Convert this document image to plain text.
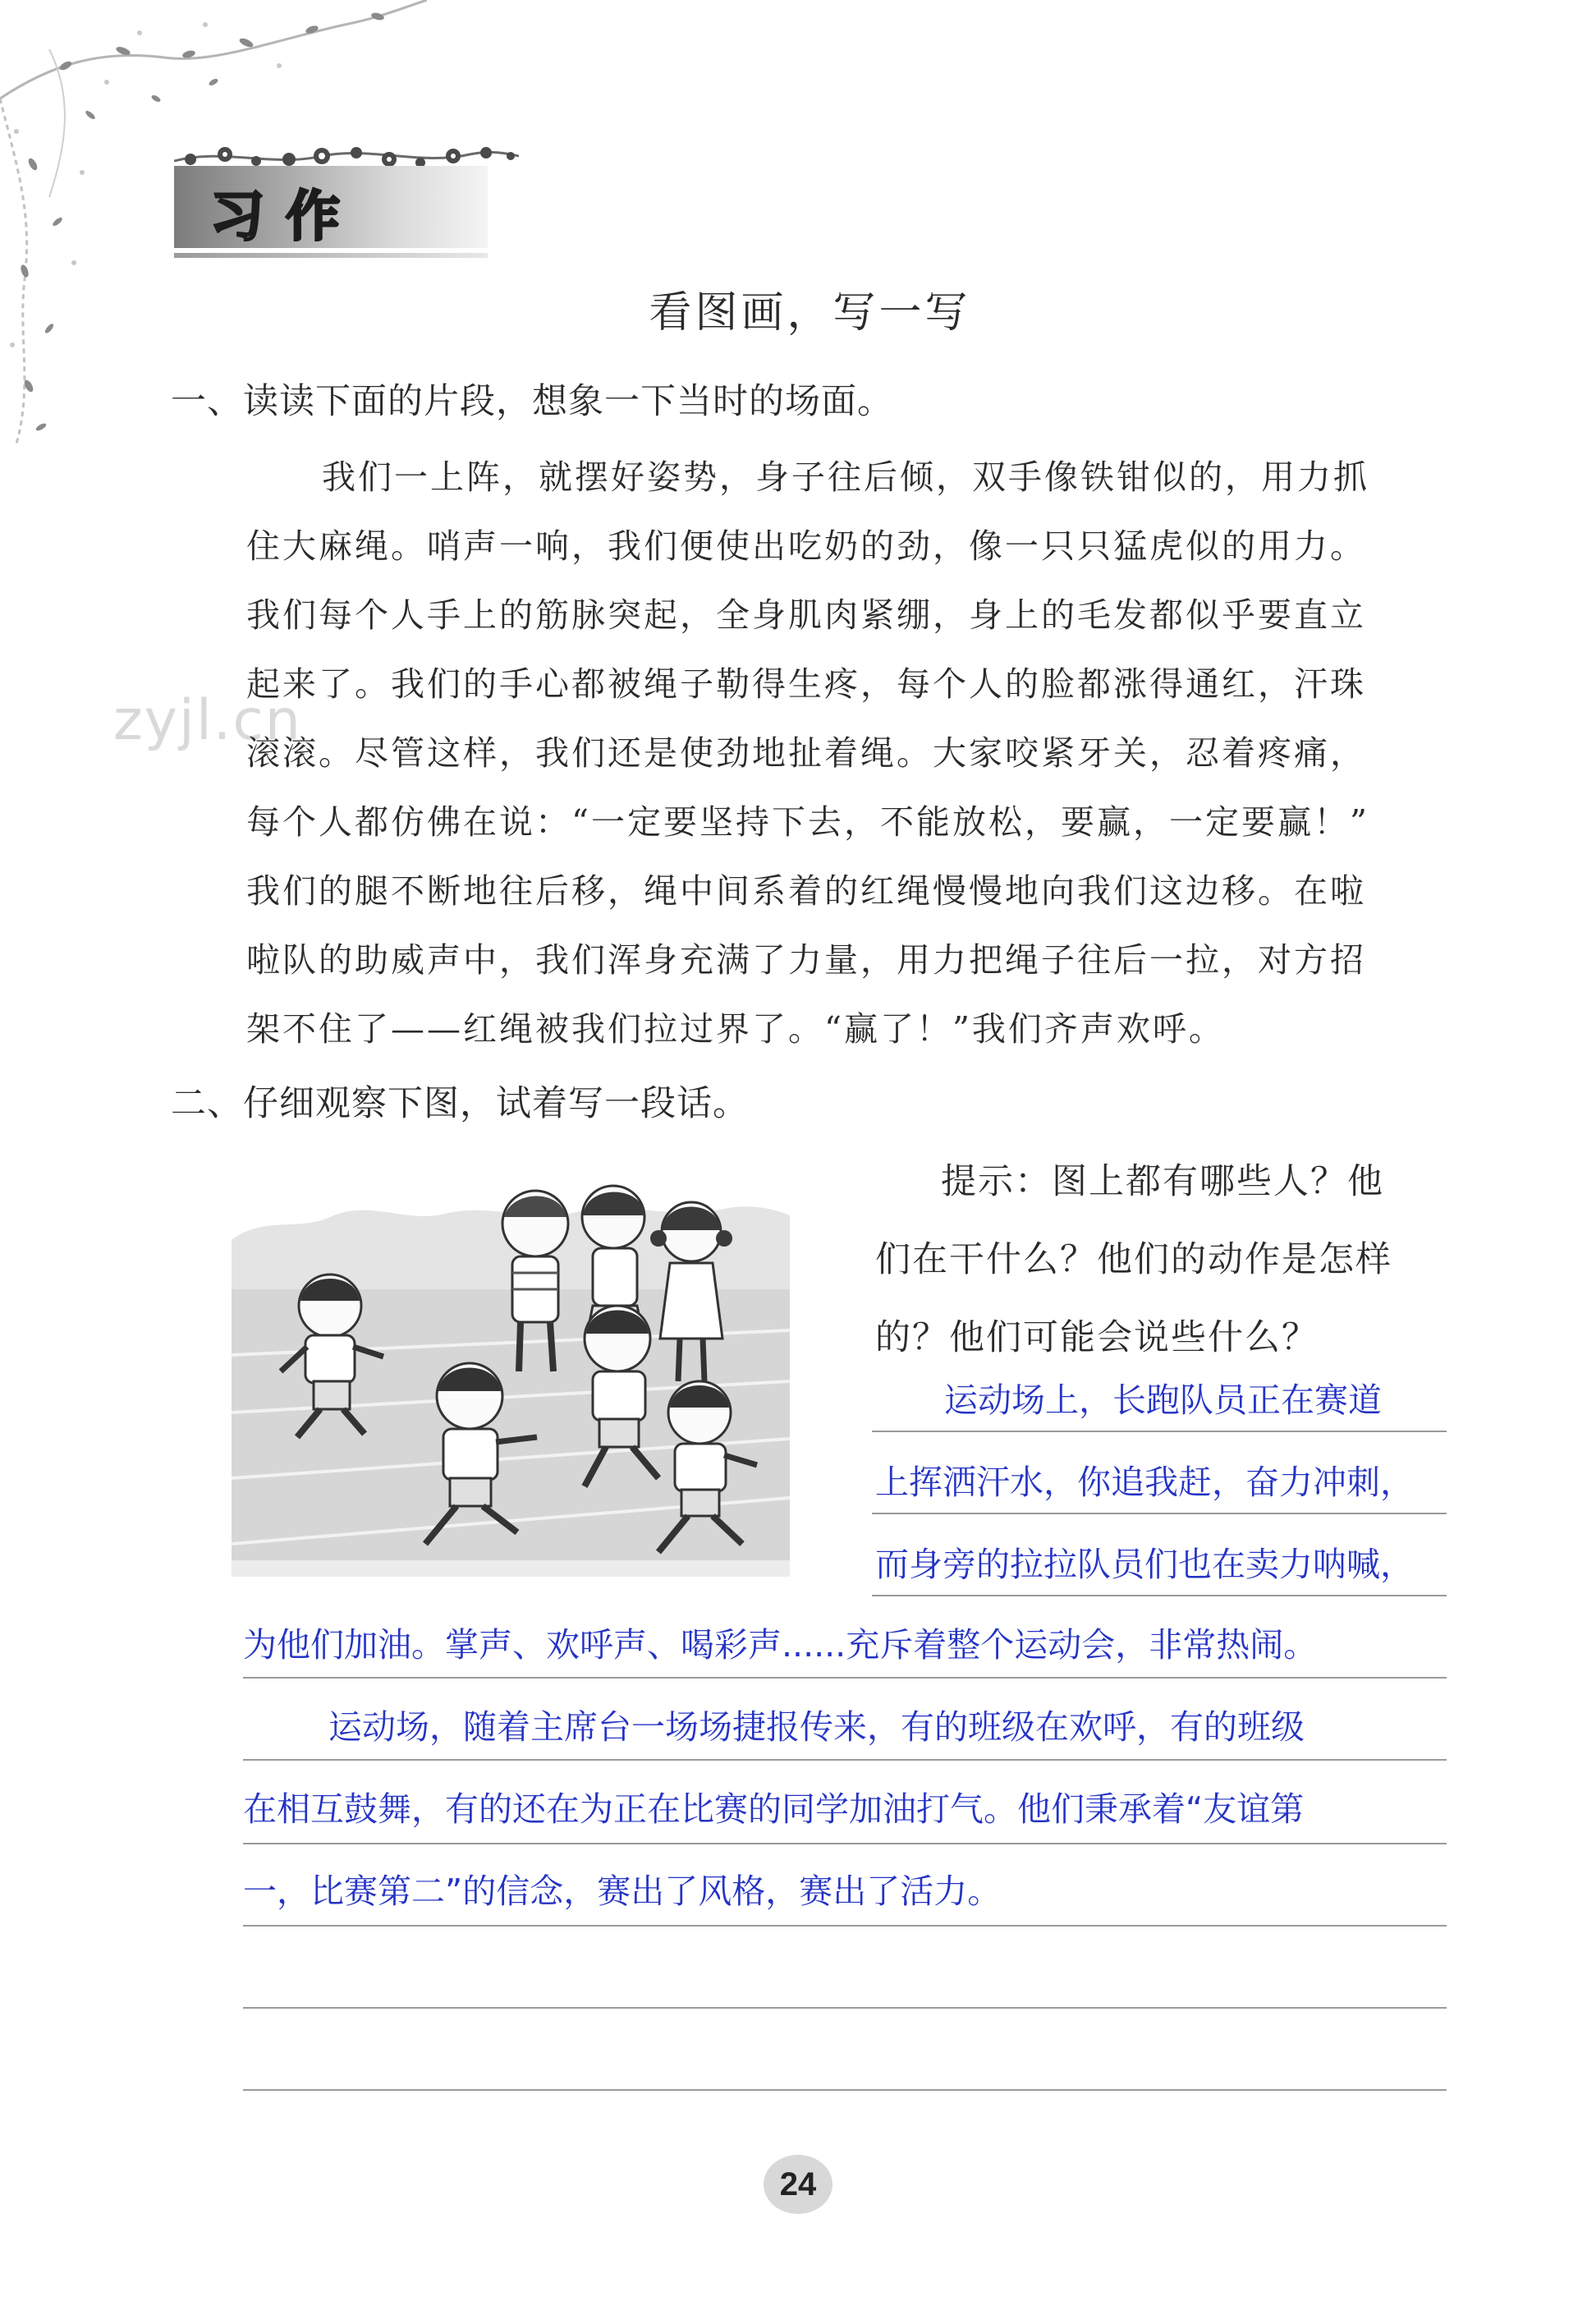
习作
看图画，写一写
一、读读下面的片段，想象一下当时的场面。
zyjl.cn
我们一上阵，就摆好姿势，身子往后倾，双手像铁钳似的，用力抓
住大麻绳。哨声一响，我们便使出吃奶的劲，像一只只猛虎似的用力。
我们每个人手上的筋脉突起，全身肌肉紧绷，身上的毛发都似乎要直立
起来了。我们的手心都被绳子勒得生疼，每个人的脸都涨得通红，汗珠
滚滚。尽管这样，我们还是使劲地扯着绳。大家咬紧牙关，忍着疼痛，
每个人都仿佛在说：“一定要坚持下去，不能放松，要赢，一定要赢！”
我们的腿不断地往后移，绳中间系着的红绳慢慢地向我们这边移。在啦
啦队的助威声中，我们浑身充满了力量，用力把绳子往后一拉，对方招
架不住了——红绳被我们拉过界了。“赢了！”我们齐声欢呼。
二、仔细观察下图，试着写一段话。
提示：图上都有哪些人？他
们在干什么？他们的动作是怎样
的？他们可能会说些什么？
运动场上，长跑队员正在赛道
上挥洒汗水，你追我赶，奋力冲刺，
而身旁的拉拉队员们也在卖力呐喊，
为他们加油。掌声、欢呼声、喝彩声......充斥着整个运动会，非常热闹。
运动场，随着主席台一场场捷报传来，有的班级在欢呼，有的班级
在相互鼓舞，有的还在为正在比赛的同学加油打气。他们秉承着“友谊第
一，比赛第二”的信念，赛出了风格，赛出了活力。
24
